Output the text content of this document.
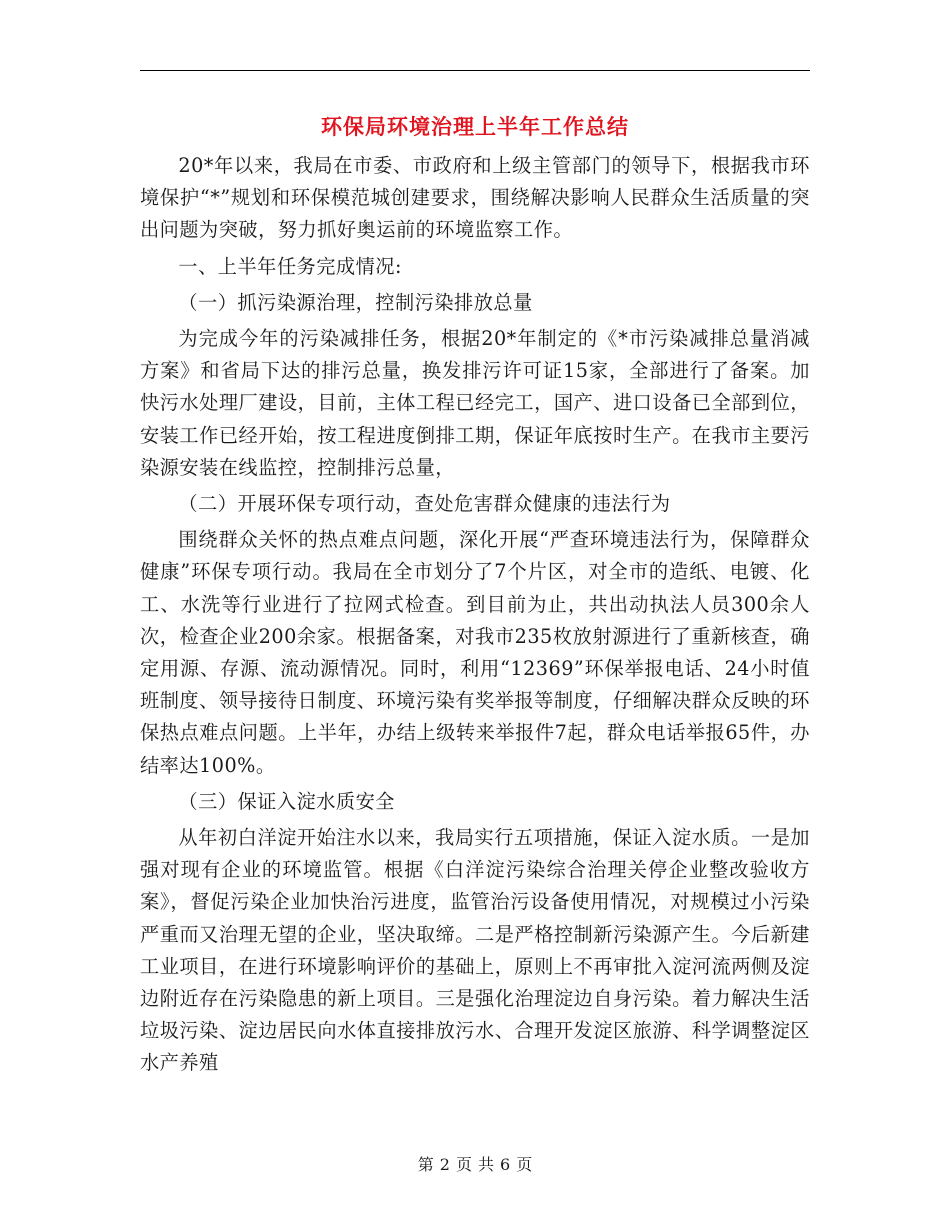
环保局环境治理上半年工作总结

20*年以来，我局在市委、市政府和上级主管部门的领导下，根据我市环境保护“*”规划和环保模范城创建要求，围绕解决影响人民群众生活质量的突出问题为突破，努力抓好奥运前的环境监察工作。

一、上半年任务完成情况:

（一）抓污染源治理，控制污染排放总量

为完成今年的污染减排任务，根据20*年制定的《*市污染减排总量消减方案》和省局下达的排污总量，换发排污许可证15家，全部进行了备案。加快污水处理厂建设，目前，主体工程已经完工，国产、进口设备已全部到位，安装工作已经开始，按工程进度倒排工期，保证年底按时生产。在我市主要污染源安装在线监控，控制排污总量，

（二）开展环保专项行动，查处危害群众健康的违法行为

围绕群众关怀的热点难点问题，深化开展“严查环境违法行为，保障群众健康”环保专项行动。我局在全市划分了7个片区，对全市的造纸、电镀、化工、水洗等行业进行了拉网式检查。到目前为止，共出动执法人员300余人次，检查企业200余家。根据备案，对我市235枚放射源进行了重新核查，确定用源、存源、流动源情况。同时，利用“12369”环保举报电话、24小时值班制度、领导接待日制度、环境污染有奖举报等制度，仔细解决群众反映的环保热点难点问题。上半年，办结上级转来举报件7起，群众电话举报65件，办结率达100%。

（三）保证入淀水质安全

从年初白洋淀开始注水以来，我局实行五项措施，保证入淀水质。一是加强对现有企业的环境监管。根据《白洋淀污染综合治理关停企业整改验收方案》，督促污染企业加快治污进度，监管治污设备使用情况，对规模过小污染严重而又治理无望的企业，坚决取缔。二是严格控制新污染源产生。今后新建工业项目，在进行环境影响评价的基础上，原则上不再审批入淀河流两侧及淀边附近存在污染隐患的新上项目。三是强化治理淀边自身污染。着力解决生活垃圾污染、淀边居民向水体直接排放污水、合理开发淀区旅游、科学调整淀区水产养殖

第 2 页 共 6 页
